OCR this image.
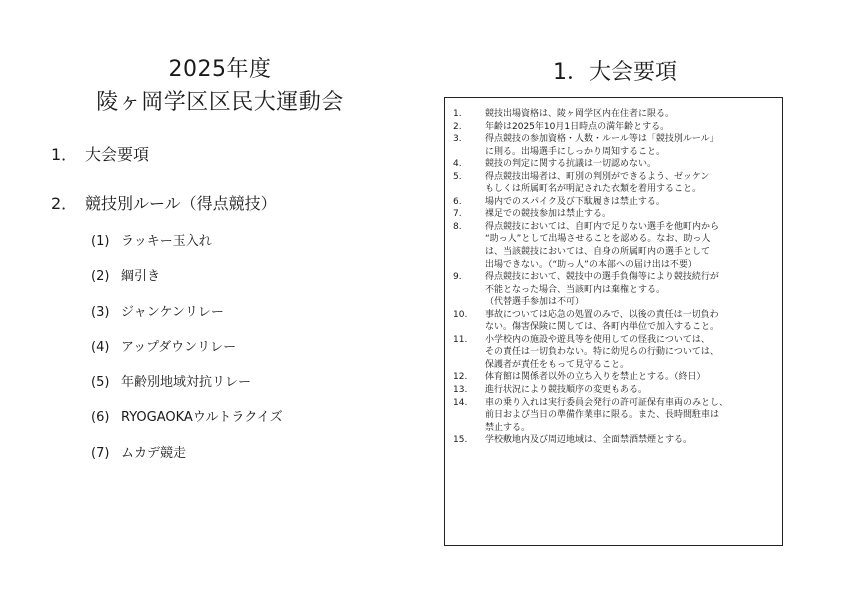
2025年度
陵ヶ岡学区区民大運動会
1． 大会要項
2． 競技別ルール（得点競技）
(1) ラッキー玉入れ
(2) 綱引き
(3) ジャンケンリレー
(4) アップダウンリレー
(5) 年齢別地域対抗リレー
(6) RYOGAOKAウルトラクイズ
(7) ムカデ競走
1．大会要項
1.	競技出場資格は、陵ヶ岡学区内在住者に限る。
2.	年齢は2025年10月1日時点の満年齢とする。
3.	得点競技の参加資格・人数・ルール等は「競技別ルール」
に則る。出場選手にしっかり周知すること。
4.	競技の判定に関する抗議は一切認めない。
5.	得点競技出場者は、町別の判別ができるよう、ゼッケン
もしくは所属町名が明記された衣類を着用すること。
6.	場内でのスパイク及び下駄履きは禁止する。
7.	裸足での競技参加は禁止する。
8.	得点競技においては、自町内で足りない選手を他町内から
“助っ人”として出場させることを認める。なお、助っ人
は、当該競技においては、自身の所属町内の選手として
出場できない。（“助っ人”の本部への届け出は不要）
9.	得点競技において、競技中の選手負傷等により競技続行が
不能となった場合、当該町内は棄権とする。
（代替選手参加は不可）
10. 事故については応急の処置のみで、以後の責任は一切負わ
ない。傷害保険に関しては、各町内単位で加入すること。
11. 小学校内の施設や遊具等を使用しての怪我については、
その責任は一切負わない。特に幼児らの行動については、
保護者が責任をもって見守ること。
12. 体育館は関係者以外の立ち入りを禁止とする。（終日）
13. 進行状況により競技順序の変更もある。
14. 車の乗り入れは実行委員会発行の許可証保有車両のみとし、
前日および当日の準備作業車に限る。また、長時間駐車は
禁止する。
15. 学校敷地内及び周辺地域は、全面禁酒禁煙とする。
